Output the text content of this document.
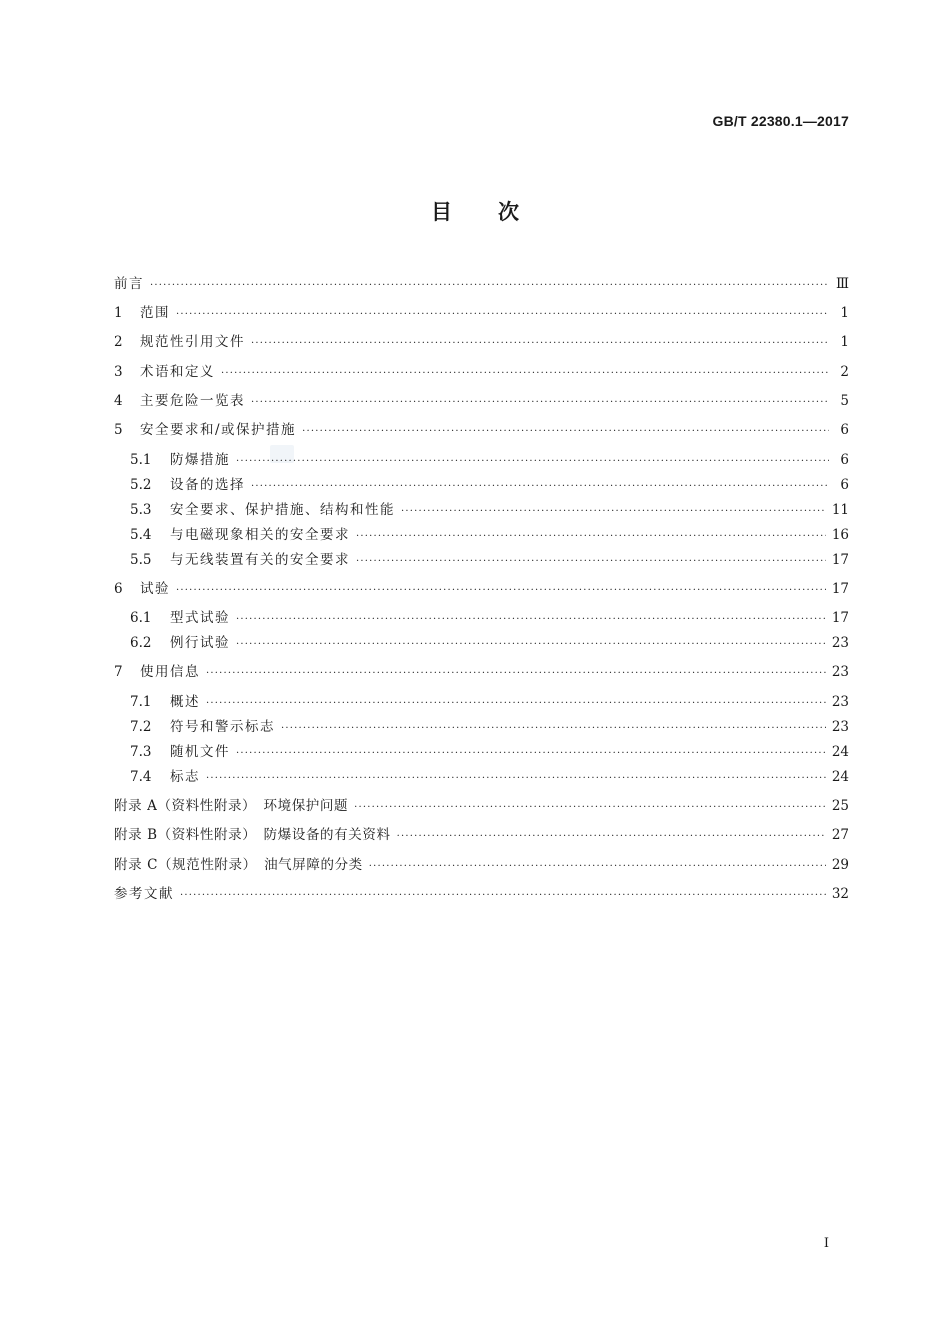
GB/T 22380.1—2017
目次
前言 ·····	Ⅲ
1	范围 ·····	1
2	规范性引用文件 ·····	1
3	术语和定义 ·····	2
4	主要危险一览表 ·····	5
5	安全要求和/或保护措施 ·····	6
5.1	防爆措施 ·····	6
5.2	设备的选择 ·····	6
5.3	安全要求、保护措施、结构和性能 ·····	11
5.4	与电磁现象相关的安全要求 ·····	16
5.5	与无线装置有关的安全要求 ·····	17
6	试验 ·····	17
6.1	型式试验 ·····	17
6.2	例行试验 ·····	23
7	使用信息 ·····	23
7.1	概述 ·····	23
7.2	符号和警示标志 ·····	23
7.3	随机文件 ·····	24
7.4	标志 ·····	24
附录 A（资料性附录）　环境保护问题 ·····	25
附录 B（资料性附录）　防爆设备的有关资料 ·····	27
附录 C（规范性附录）　油气屏障的分类 ·····	29
参考文献 ·····	32
I
